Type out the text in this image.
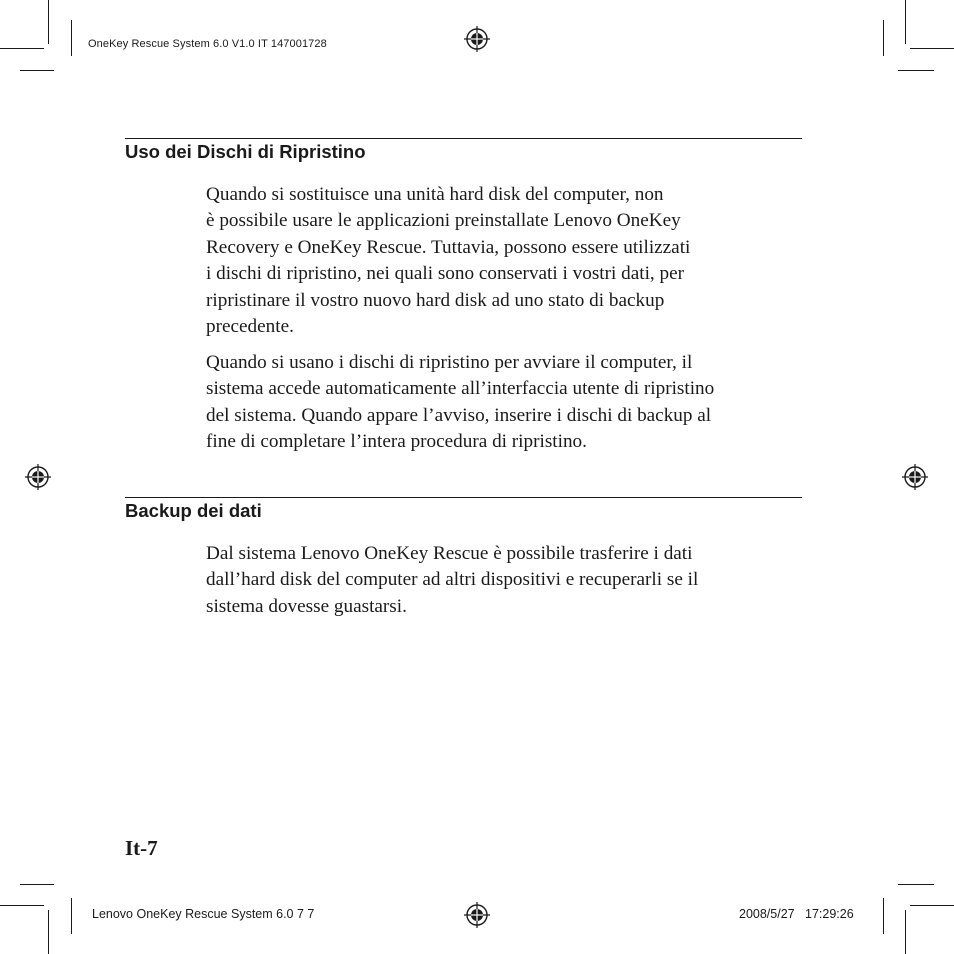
OneKey Rescue System 6.0 V1.0 IT 147001728
Uso dei Dischi di Ripristino
Quando si sostituisce una unità hard disk del computer, non
è possibile usare le applicazioni preinstallate Lenovo OneKey
Recovery e OneKey Rescue. Tuttavia, possono essere utilizzati
i dischi di ripristino, nei quali sono conservati i vostri dati, per
ripristinare il vostro nuovo hard disk ad uno stato di backup
precedente.
Quando si usano i dischi di ripristino per avviare il computer, il
sistema accede automaticamente all’interfaccia utente di ripristino
del sistema. Quando appare l’avviso, inserire i dischi di backup al
fine di completare l’intera procedura di ripristino.
Backup dei dati
Dal sistema Lenovo OneKey Rescue è possibile trasferire i dati
dall’hard disk del computer ad altri dispositivi e recuperarli se il
sistema dovesse guastarsi.
It-7
Lenovo OneKey Rescue System 6.0 7 7	2008/5/27   17:29:26
